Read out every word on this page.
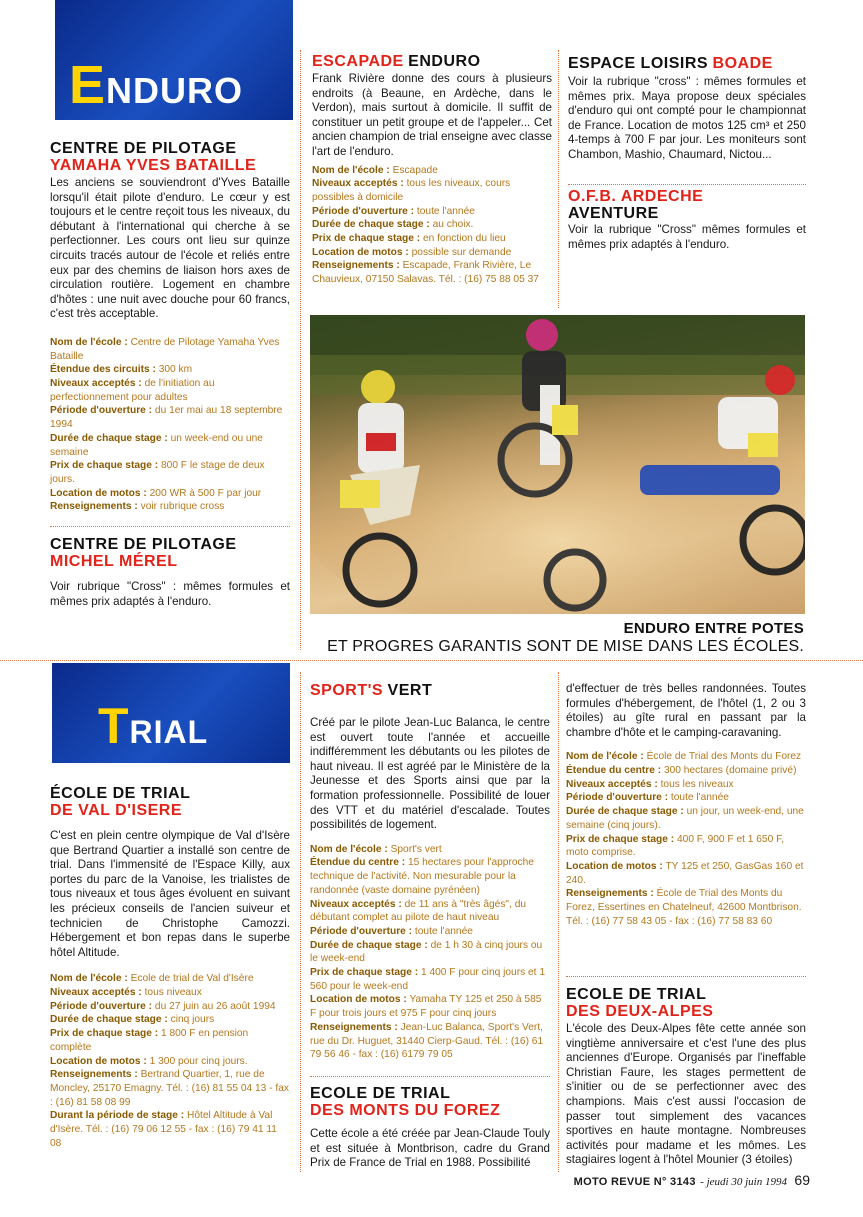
ENDURO
CENTRE DE PILOTAGE
YAMAHA YVES BATAILLE

Les anciens se souviendront d'Yves Bataille lorsqu'il était pilote d'enduro. Le cœur y est toujours et le centre reçoit tous les niveaux, du débutant à l'international qui cherche à se perfectionner. Les cours ont lieu sur quinze circuits tracés autour de l'école et reliés entre eux par des chemins de liaison hors axes de circulation routière. Logement en chambre d'hôtes : une nuit avec douche pour 60 francs, c'est très acceptable.

Nom de l'école : Centre de Pilotage Yamaha Yves Bataille
Étendue des circuits : 300 km
Niveaux acceptés : de l'initiation au perfectionnement pour adultes
Période d'ouverture : du 1er mai au 18 septembre 1994
Durée de chaque stage : un week-end ou une semaine
Prix de chaque stage : 800 F le stage de deux jours.
Location de motos : 200 WR à 500 F par jour
Renseignements : voir rubrique cross
CENTRE DE PILOTAGE
MICHEL MÉREL

Voir rubrique "Cross" : mêmes formules et mêmes prix adaptés à l'enduro.

ESCAPADE ENDURO

Frank Rivière donne des cours à plusieurs endroits (à Beaune, en Ardèche, dans le Verdon), mais surtout à domicile. Il suffit de constituer un petit groupe et de l'appeler... Cet ancien champion de trial enseigne avec classe l'art de l'enduro.

Nom de l'école : Escapade
Niveaux acceptés : tous les niveaux, cours possibles à domicile
Période d'ouverture : toute l'année
Durée de chaque stage : au choix.
Prix de chaque stage : en fonction du lieu
Location de motos : possible sur demande
Renseignements : Escapade, Frank Rivière, Le Chauvieux, 07150 Salavas. Tél. : (16) 75 88 05 37
ESPACE LOISIRS BOADE

Voir la rubrique "cross" : mêmes formules et mêmes prix. Maya propose deux spéciales d'enduro qui ont compté pour le championnat de France. Location de motos 125 cm³ et 250 4-temps à 700 F par jour. Les moniteurs sont Chambon, Mashio, Chaumard, Nictou...

O.F.B. ARDECHE
AVENTURE

Voir la rubrique "Cross" mêmes formules et mêmes prix adaptés à l'enduro.

ENDURO ENTRE POTES
ET PROGRES GARANTIS SONT DE MISE DANS LES ÉCOLES.
TRIAL
ÉCOLE DE TRIAL
DE VAL D'ISERE

C'est en plein centre olympique de Val d'Isère que Bertrand Quartier a installé son centre de trial. Dans l'immensité de l'Espace Killy, aux portes du parc de la Vanoise, les trialistes de tous niveaux et tous âges évoluent en suivant les précieux conseils de l'ancien suiveur et technicien de Christophe Camozzi. Hébergement et bon repas dans le superbe hôtel Altitude.

Nom de l'école : Ecole de trial de Val d'Isère
Niveaux acceptés : tous niveaux
Période d'ouverture : du 27 juin au 26 août 1994
Durée de chaque stage : cinq jours
Prix de chaque stage : 1 800 F en pension complète
Location de motos : 1 300 pour cinq jours.
Renseignements : Bertrand Quartier, 1, rue de Moncley, 25170 Emagny. Tél. : (16) 81 55 04 13 - fax : (16) 81 58 08 99
Durant la période de stage : Hôtel Altitude à Val d'Isère. Tél. : (16) 79 06 12 55 - fax : (16) 79 41 11 08
SPORT'S VERT

Créé par le pilote Jean-Luc Balanca, le centre est ouvert toute l'année et accueille indifféremment les débutants ou les pilotes de haut niveau. Il est agréé par le Ministère de la Jeunesse et des Sports ainsi que par la formation professionnelle. Possibilité de louer des VTT et du matériel d'escalade. Toutes possibilités de logement.

Nom de l'école : Sport's vert
Étendue du centre : 15 hectares pour l'approche technique de l'activité. Non mesurable pour la randonnée (vaste domaine pyrénéen)
Niveaux acceptés : de 11 ans à "très âgés", du débutant complet au pilote de haut niveau
Période d'ouverture : toute l'année
Durée de chaque stage : de 1 h 30 à cinq jours ou le week-end
Prix de chaque stage : 1 400 F pour cinq jours et 1 560 pour le week-end
Location de motos : Yamaha TY 125 et 250 à 585 F pour trois jours et 975 F pour cinq jours
Renseignements : Jean-Luc Balanca, Sport's Vert, rue du Dr. Huguet, 31440 Cierp-Gaud. Tél. : (16) 61 79 56 46 - fax : (16) 6179 79 05
ECOLE DE TRIAL
DES MONTS DU FOREZ

Cette école a été créée par Jean-Claude Touly et est située à Montbrison, cadre du Grand Prix de France de Trial en 1988. Possibilité

d'effectuer de très belles randonnées. Toutes formules d'hébergement, de l'hôtel (1, 2 ou 3 étoiles) au gîte rural en passant par la chambre d'hôte et le camping-caravaning.

Nom de l'école : École de Trial des Monts du Forez
Étendue du centre : 300 hectares (domaine privé)
Niveaux acceptés : tous les niveaux
Période d'ouverture : toute l'année
Durée de chaque stage : un jour, un week-end, une semaine (cinq jours).
Prix de chaque stage : 400 F, 900 F et 1 650 F, moto comprise.
Location de motos : TY 125 et 250, GasGas 160 et 240.
Renseignements : École de Trial des Monts du Forez, Essertines en Chatelneuf, 42600 Montbrison. Tél. : (16) 77 58 43 05 - fax : (16) 77 58 83 60
ECOLE DE TRIAL
DES DEUX-ALPES

L'école des Deux-Alpes fête cette année son vingtième anniversaire et c'est l'une des plus anciennes d'Europe. Organisés par l'ineffable Christian Faure, les stages permettent de s'initier ou de se perfectionner avec des champions. Mais c'est aussi l'occasion de passer tout simplement des vacances sportives en haute montagne. Nombreuses activités pour madame et les mômes. Les stagiaires logent à l'hôtel Mounier (3 étoiles)

MOTO REVUE N° 3143 - jeudi 30 juin 1994 69
